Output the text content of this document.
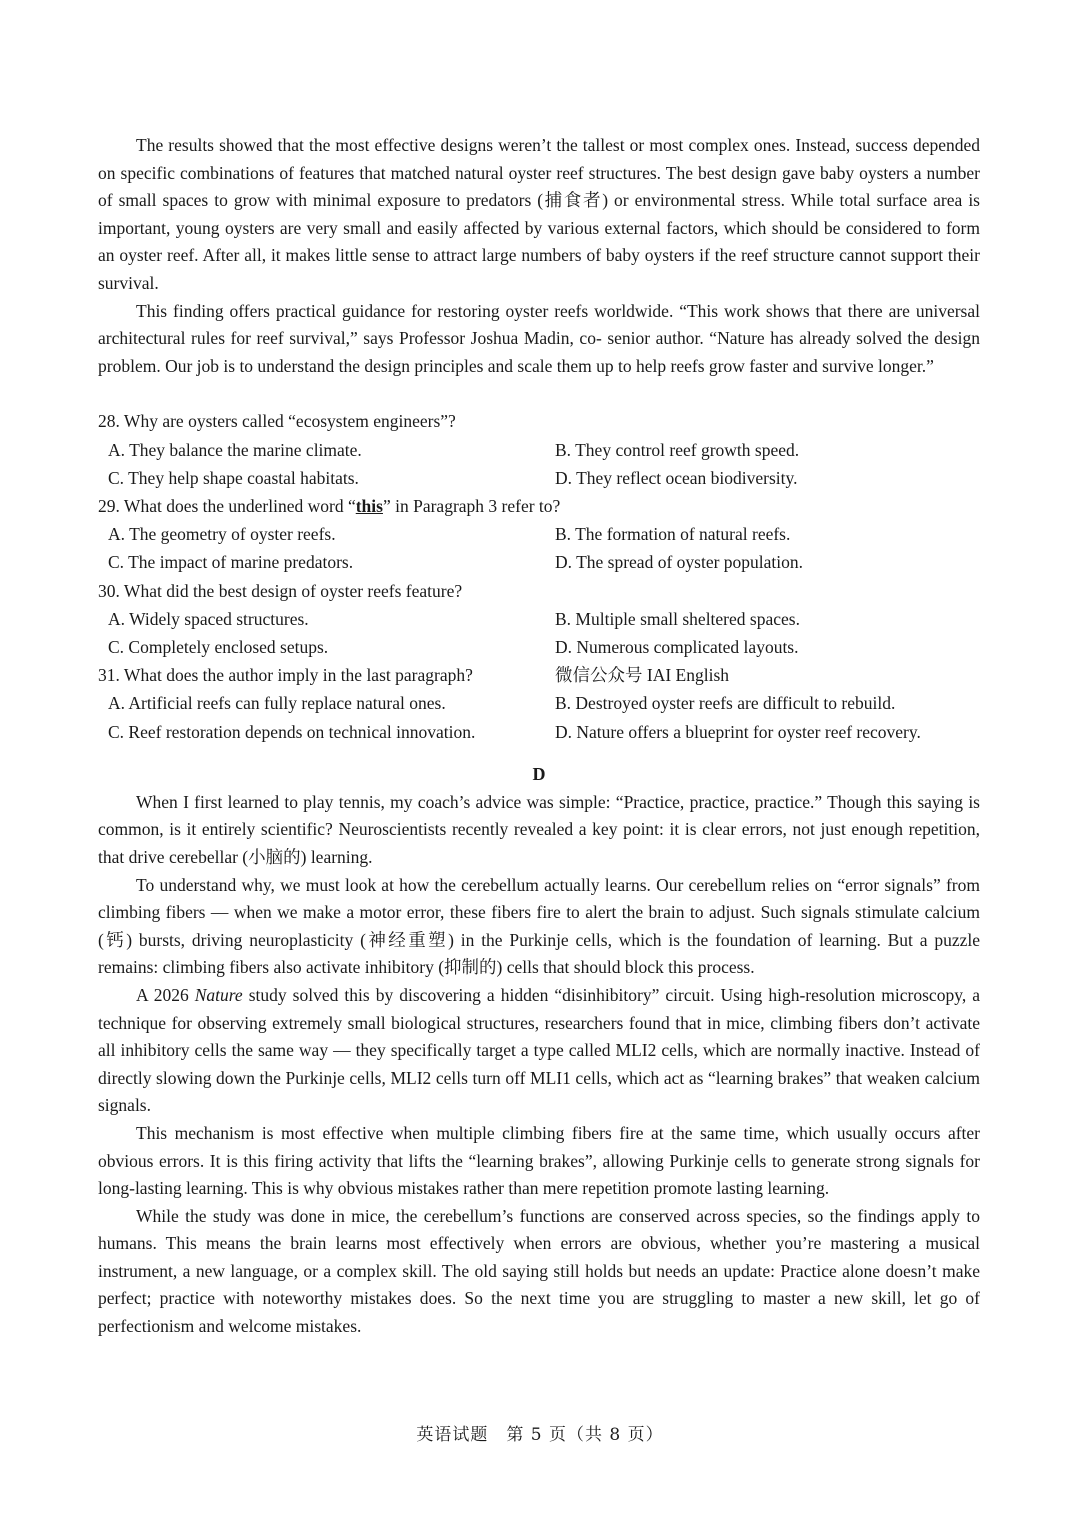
The results showed that the most effective designs weren’t the tallest or most complex ones. Instead, success depended on specific combinations of features that matched natural oyster reef structures. The best design gave baby oysters a number of small spaces to grow with minimal exposure to predators (捕食者) or environmental stress. While total surface area is important, young oysters are very small and easily affected by various external factors, which should be considered to form an oyster reef. After all, it makes little sense to attract large numbers of baby oysters if the reef structure cannot support their survival.

This finding offers practical guidance for restoring oyster reefs worldwide. “This work shows that there are universal architectural rules for reef survival,” says Professor Joshua Madin, co- senior author. “Nature has already solved the design problem. Our job is to understand the design principles and scale them up to help reefs grow faster and survive longer.”

28. Why are oysters called “ecosystem engineers”?

A. They balance the marine climate.	B. They control reef growth speed.
C. They help shape coastal habitats.	D. They reflect ocean biodiversity.

29. What does the underlined word “this” in Paragraph 3 refer to?

A. The geometry of oyster reefs.	B. The formation of natural reefs.
C. The impact of marine predators.	D. The spread of oyster population.

30. What did the best design of oyster reefs feature?

A. Widely spaced structures.	B. Multiple small sheltered spaces.
C. Completely enclosed setups.	D. Numerous complicated layouts.
31. What does the author imply in the last paragraph?	微信公众号 IAI English
A. Artificial reefs can fully replace natural ones.	B. Destroyed oyster reefs are difficult to rebuild.
C. Reef restoration depends on technical innovation.	D. Nature offers a blueprint for oyster reef recovery.
D

When I first learned to play tennis, my coach’s advice was simple: “Practice, practice, practice.” Though this saying is common, is it entirely scientific? Neuroscientists recently revealed a key point: it is clear errors, not just enough repetition, that drive cerebellar (小脑的) learning.

To understand why, we must look at how the cerebellum actually learns. Our cerebellum relies on “error signals” from climbing fibers — when we make a motor error, these fibers fire to alert the brain to adjust. Such signals stimulate calcium (钙) bursts, driving neuroplasticity (神经重塑) in the Purkinje cells, which is the foundation of learning. But a puzzle remains: climbing fibers also activate inhibitory (抑制的) cells that should block this process.

A 2026 Nature study solved this by discovering a hidden “disinhibitory” circuit. Using high-resolution microscopy, a technique for observing extremely small biological structures, researchers found that in mice, climbing fibers don’t activate all inhibitory cells the same way — they specifically target a type called MLI2 cells, which are normally inactive. Instead of directly slowing down the Purkinje cells, MLI2 cells turn off MLI1 cells, which act as “learning brakes” that weaken calcium signals.

This mechanism is most effective when multiple climbing fibers fire at the same time, which usually occurs after obvious errors. It is this firing activity that lifts the “learning brakes”, allowing Purkinje cells to generate strong signals for long-lasting learning. This is why obvious mistakes rather than mere repetition promote lasting learning.

While the study was done in mice, the cerebellum’s functions are conserved across species, so the findings apply to humans. This means the brain learns most effectively when errors are obvious, whether you’re mastering a musical instrument, a new language, or a complex skill. The old saying still holds but needs an update: Practice alone doesn’t make perfect; practice with noteworthy mistakes does. So the next time you are struggling to master a new skill, let go of perfectionism and welcome mistakes.

英语试题　第 5 页（共 8 页）
